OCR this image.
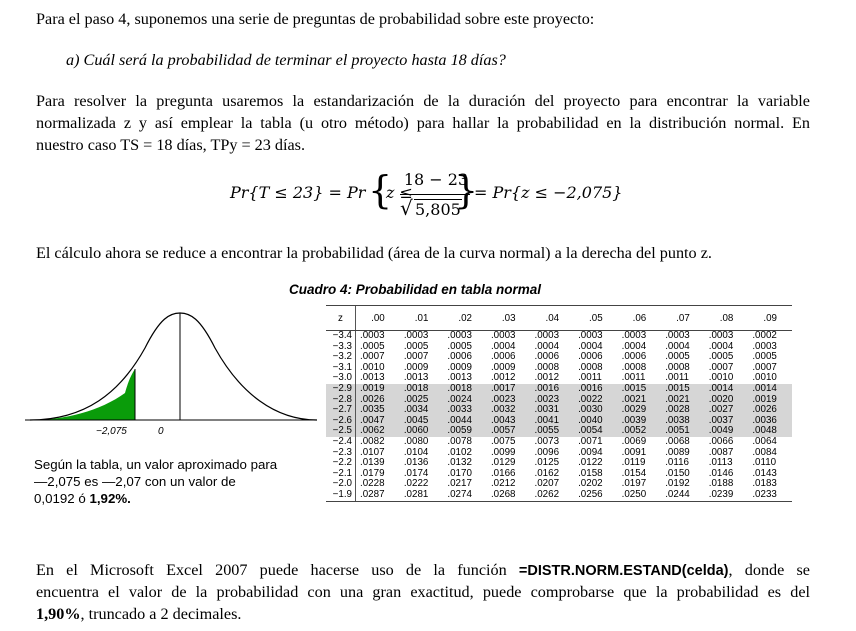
Para el paso 4, suponemos una serie de preguntas de probabilidad sobre este proyecto:
a) Cuál será la probabilidad de terminar el proyecto hasta 18 días?
Para resolver la pregunta usaremos la estandarización de la duración del proyecto para encontrar la variable
normalizada z y así emplear la tabla (u otro método) para hallar la probabilidad en la distribución normal. En
nuestro caso TS = 18 días, TPy = 23 días.
Pr{T ≤ 23} = Pr {
z ≤
18 − 23
√ 5,805
}
= Pr{z ≤ −2,075}
El cálculo ahora se reduce a encontrar la probabilidad (área de la curva normal) a la derecha del punto z.
Cuadro 4: Probabilidad en tabla normal
−2,075	0
Según la tabla, un valor aproximado para
—2,075 es —2,07 con un valor de
0,0192 ó 1,92%.
z	.00	.01	.02	.03	.04	.05	.06	.07	.08	.09
−3.4	.0003	.0003	.0003	.0003	.0003	.0003	.0003	.0003	.0003	.0002
−3.3	.0005	.0005	.0005	.0004	.0004	.0004	.0004	.0004	.0004	.0003
−3.2	.0007	.0007	.0006	.0006	.0006	.0006	.0006	.0005	.0005	.0005
−3.1	.0010	.0009	.0009	.0009	.0008	.0008	.0008	.0008	.0007	.0007
−3.0	.0013	.0013	.0013	.0012	.0012	.0011	.0011	.0011	.0010	.0010
−2.9	.0019	.0018	.0018	.0017	.0016	.0016	.0015	.0015	.0014	.0014
−2.8	.0026	.0025	.0024	.0023	.0023	.0022	.0021	.0021	.0020	.0019
−2.7	.0035	.0034	.0033	.0032	.0031	.0030	.0029	.0028	.0027	.0026
−2.6	.0047	.0045	.0044	.0043	.0041	.0040	.0039	.0038	.0037	.0036
−2.5	.0062	.0060	.0059	.0057	.0055	.0054	.0052	.0051	.0049	.0048
−2.4	.0082	.0080	.0078	.0075	.0073	.0071	.0069	.0068	.0066	.0064
−2.3	.0107	.0104	.0102	.0099	.0096	.0094	.0091	.0089	.0087	.0084
−2.2	.0139	.0136	.0132	.0129	.0125	.0122	.0119	.0116	.0113	.0110
−2.1	.0179	.0174	.0170	.0166	.0162	.0158	.0154	.0150	.0146	.0143
−2.0	.0228	.0222	.0217	.0212	.0207	.0202	.0197	.0192	.0188	.0183
−1.9	.0287	.0281	.0274	.0268	.0262	.0256	.0250	.0244	.0239	.0233
En el Microsoft Excel 2007 puede hacerse uso de la función =DISTR.NORM.ESTAND(celda), donde se
encuentra el valor de la probabilidad con una gran exactitud, puede comprobarse que la probabilidad es del
1,90%, truncado a 2 decimales.
